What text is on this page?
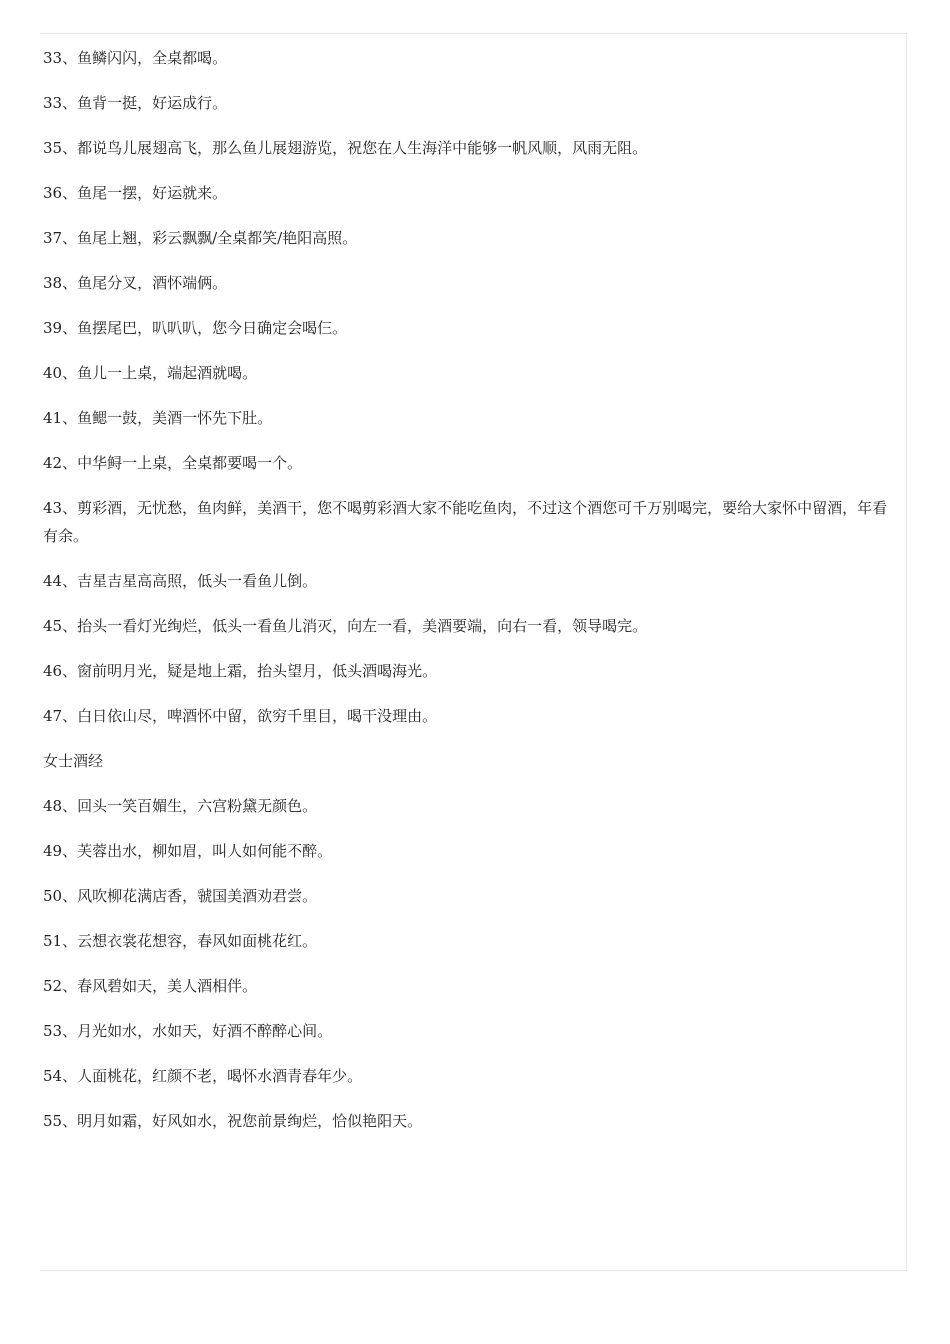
33、鱼鳞闪闪，全桌都喝。

33、鱼背一挺，好运成行。

35、都说鸟儿展翅高飞，那么鱼儿展翅游览，祝您在人生海洋中能够一帆风顺，风雨无阻。

36、鱼尾一摆，好运就来。

37、鱼尾上翘，彩云飘飘/全桌都笑/艳阳高照。

38、鱼尾分叉，酒怀端俩。

39、鱼摆尾巴，叭叭叭，您今日确定会喝仨。

40、鱼儿一上桌，端起酒就喝。

41、鱼鳃一鼓，美酒一怀先下肚。

42、中华鲟一上桌，全桌都要喝一个。

43、剪彩酒，无忧愁，鱼肉鲜，美酒干，您不喝剪彩酒大家不能吃鱼肉，不过这个酒您可千万别喝完，要给大家怀中留酒，年看有余。

44、吉星吉星高高照，低头一看鱼儿倒。

45、抬头一看灯光绚烂，低头一看鱼儿消灭，向左一看，美酒要端，向右一看，领导喝完。

46、窗前明月光，疑是地上霜，抬头望月，低头酒喝海光。

47、白日依山尽，啤酒怀中留，欲穷千里目，喝干没理由。

女士酒经

48、回头一笑百媚生，六宫粉黛无颜色。

49、芙蓉出水，柳如眉，叫人如何能不醉。

50、风吹柳花满店香，虢国美酒劝君尝。

51、云想衣裳花想容，春风如面桃花红。

52、春风碧如天，美人酒相伴。

53、月光如水，水如天，好酒不醉醉心间。

54、人面桃花，红颜不老，喝怀水酒青春年少。

55、明月如霜，好风如水，祝您前景绚烂，恰似艳阳天。
